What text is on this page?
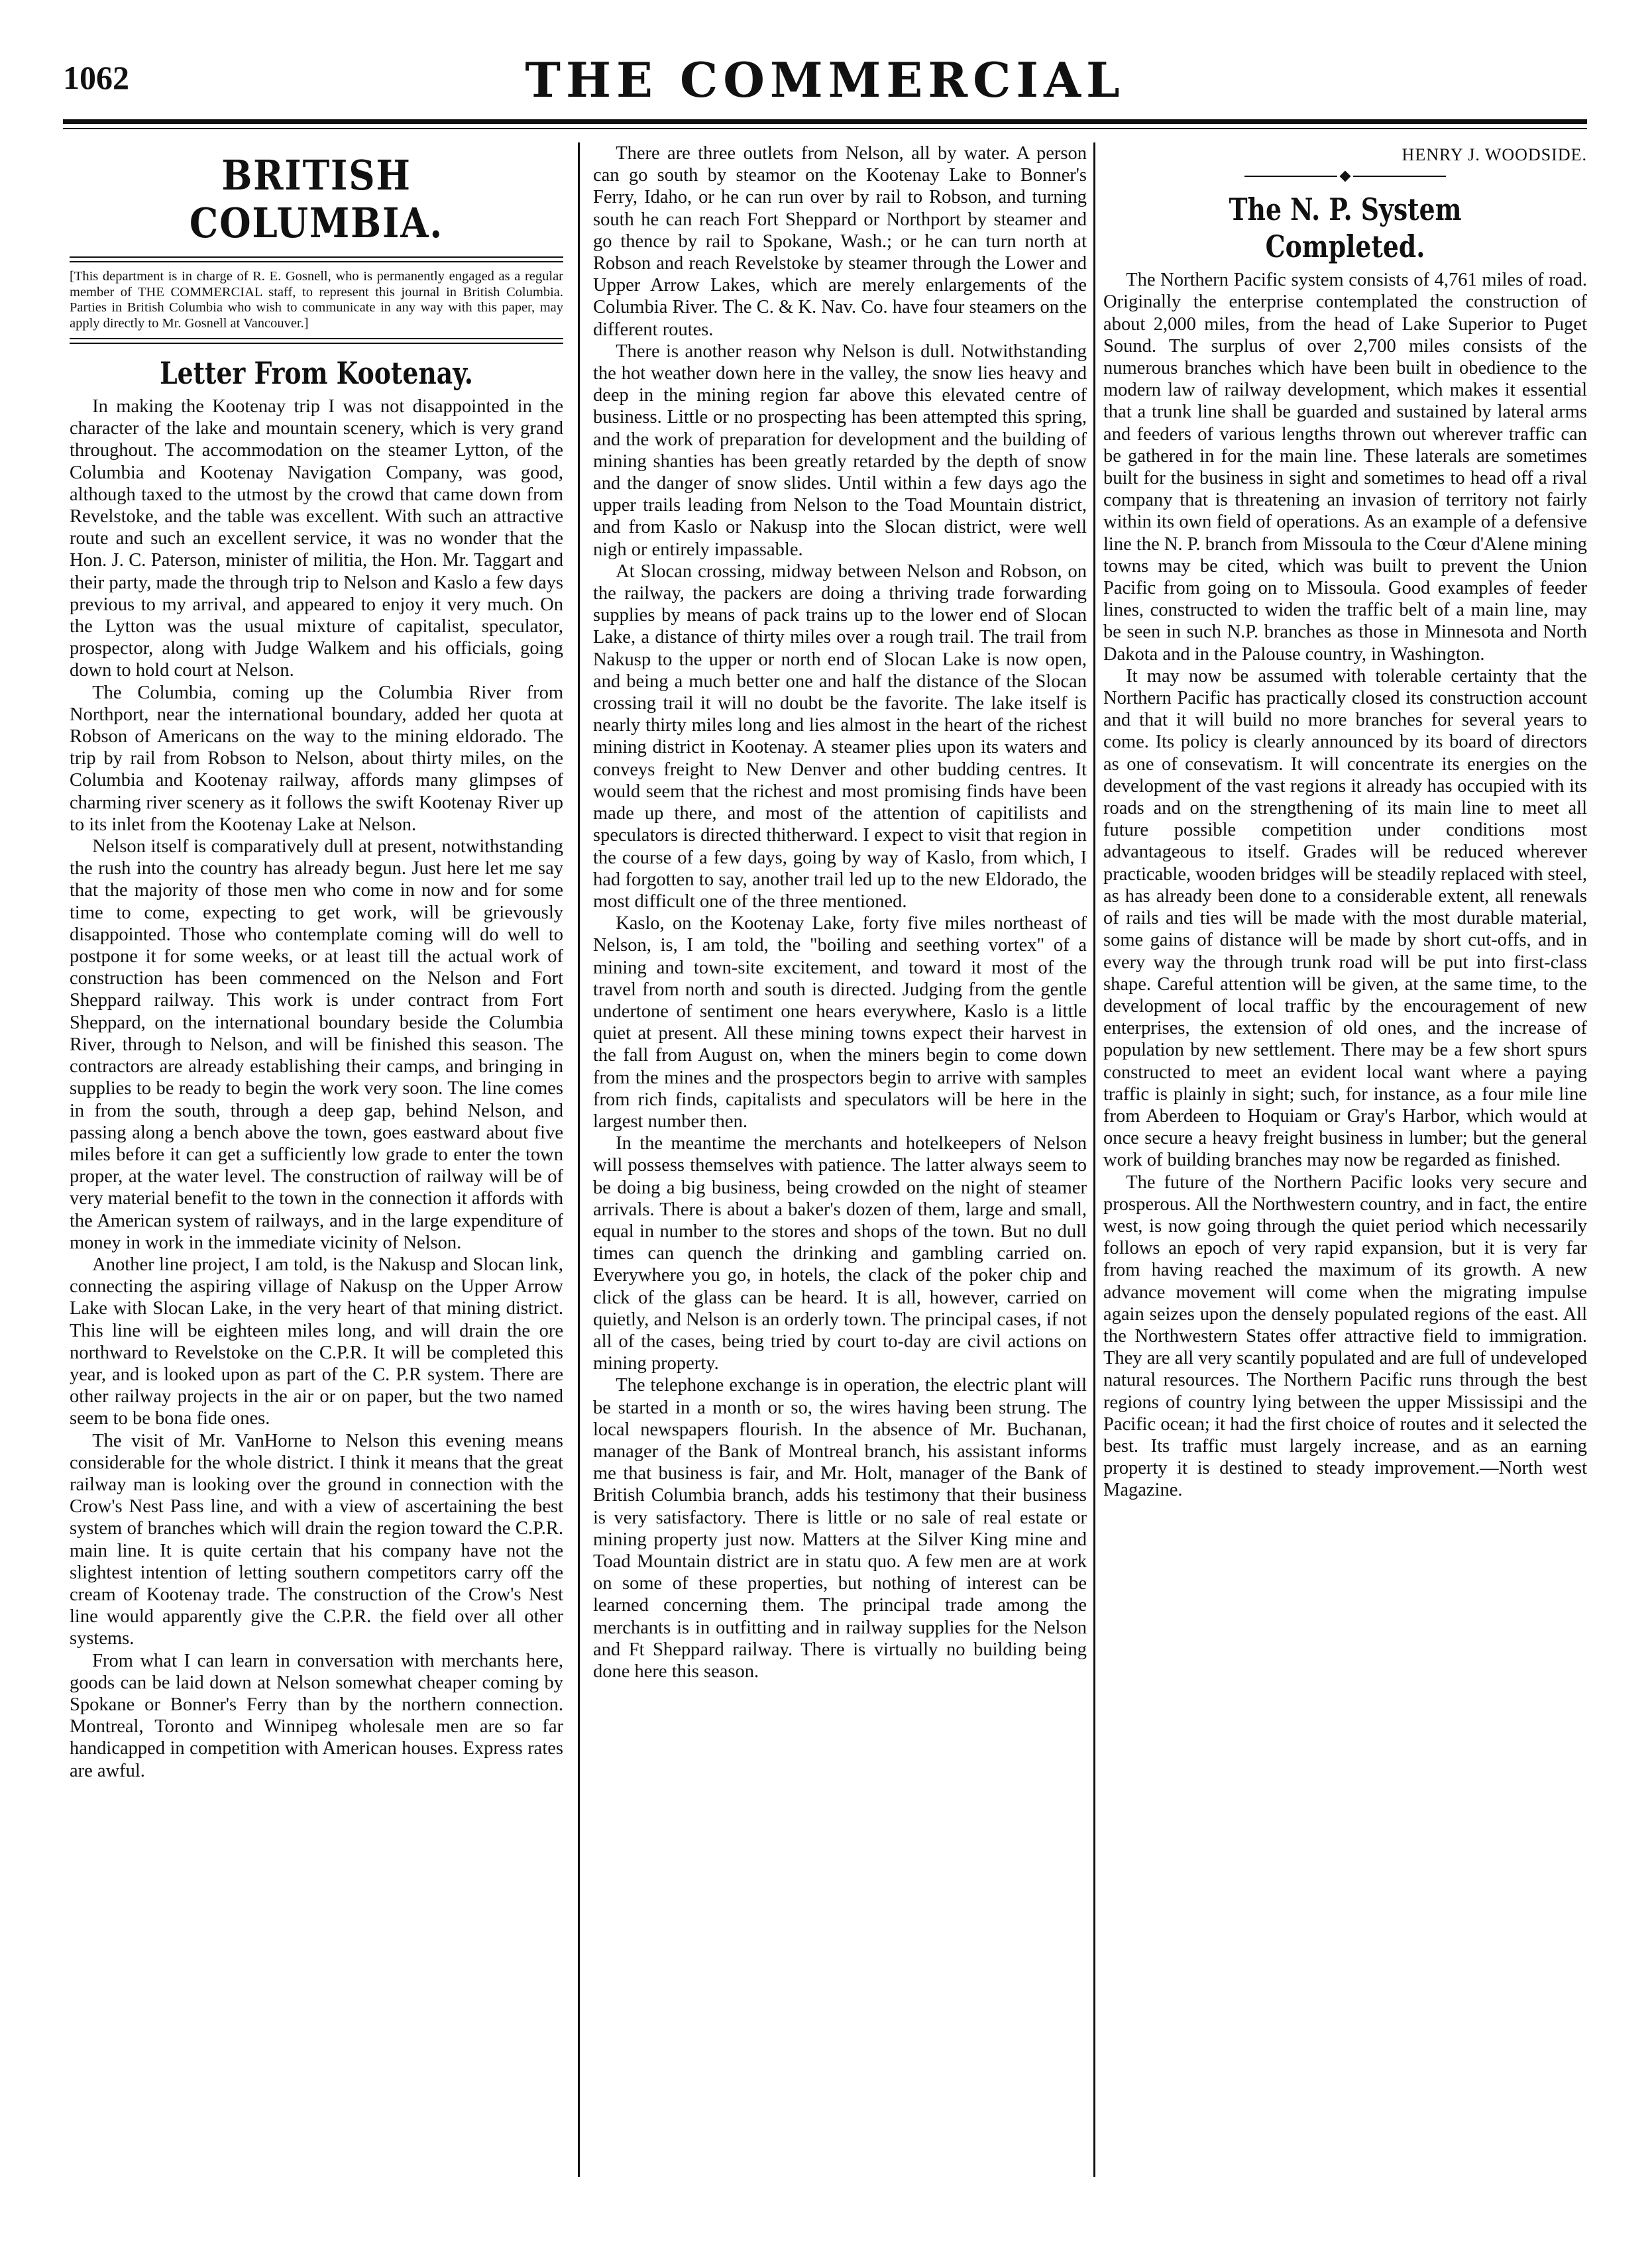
1062	THE COMMERCIAL
BRITISH COLUMBIA.

[This department is in charge of R. E. Gosnell, who is permanently engaged as a regular member of THE COMMERCIAL staff, to represent this journal in British Columbia. Parties in British Columbia who wish to communicate in any way with this paper, may apply directly to Mr. Gosnell at Vancouver.]

Letter From Kootenay.

In making the Kootenay trip I was not disappointed in the character of the lake and mountain scenery, which is very grand throughout. The accommodation on the steamer Lytton, of the Columbia and Kootenay Navigation Company, was good, although taxed to the utmost by the crowd that came down from Revelstoke, and the table was excellent. With such an attractive route and such an excellent service, it was no wonder that the Hon. J. C. Paterson, minister of militia, the Hon. Mr. Taggart and their party, made the through trip to Nelson and Kaslo a few days previous to my arrival, and appeared to enjoy it very much. On the Lytton was the usual mixture of capitalist, speculator, prospector, along with Judge Walkem and his officials, going down to hold court at Nelson.

The Columbia, coming up the Columbia River from Northport, near the international boundary, added her quota at Robson of Americans on the way to the mining eldorado. The trip by rail from Robson to Nelson, about thirty miles, on the Columbia and Kootenay railway, affords many glimpses of charming river scenery as it follows the swift Kootenay River up to its inlet from the Kootenay Lake at Nelson.

Nelson itself is comparatively dull at present, notwithstanding the rush into the country has already begun. Just here let me say that the majority of those men who come in now and for some time to come, expecting to get work, will be grievously disappointed. Those who contemplate coming will do well to postpone it for some weeks, or at least till the actual work of construction has been commenced on the Nelson and Fort Sheppard railway. This work is under contract from Fort Sheppard, on the international boundary beside the Columbia River, through to Nelson, and will be finished this season. The contractors are already establishing their camps, and bringing in supplies to be ready to begin the work very soon. The line comes in from the south, through a deep gap, behind Nelson, and passing along a bench above the town, goes eastward about five miles before it can get a sufficiently low grade to enter the town proper, at the water level. The construction of railway will be of very material benefit to the town in the connection it affords with the American system of railways, and in the large expenditure of money in work in the immediate vicinity of Nelson.

Another line project, I am told, is the Nakusp and Slocan link, connecting the aspiring village of Nakusp on the Upper Arrow Lake with Slocan Lake, in the very heart of that mining district. This line will be eighteen miles long, and will drain the ore northward to Revelstoke on the C.P.R. It will be completed this year, and is looked upon as part of the C. P.R system. There are other railway projects in the air or on paper, but the two named seem to be bona fide ones.

The visit of Mr. VanHorne to Nelson this evening means considerable for the whole district. I think it means that the great railway man is looking over the ground in connection with the Crow's Nest Pass line, and with a view of ascertaining the best system of branches which will drain the region toward the C.P.R. main line. It is quite certain that his company have not the slightest intention of letting southern competitors carry off the cream of Kootenay trade. The construction of the Crow's Nest line would apparently give the C.P.R. the field over all other systems.

From what I can learn in conversation with merchants here, goods can be laid down at Nelson somewhat cheaper coming by Spokane or Bonner's Ferry than by the northern connection. Montreal, Toronto and Winnipeg wholesale men are so far handicapped in competition with American houses. Express rates are awful.

There are three outlets from Nelson, all by water. A person can go south by steamor on the Kootenay Lake to Bonner's Ferry, Idaho, or he can run over by rail to Robson, and turning south he can reach Fort Sheppard or Northport by steamer and go thence by rail to Spokane, Wash.; or he can turn north at Robson and reach Revelstoke by steamer through the Lower and Upper Arrow Lakes, which are merely enlargements of the Columbia River. The C. & K. Nav. Co. have four steamers on the different routes.

There is another reason why Nelson is dull. Notwithstanding the hot weather down here in the valley, the snow lies heavy and deep in the mining region far above this elevated centre of business. Little or no prospecting has been attempted this spring, and the work of preparation for development and the building of mining shanties has been greatly retarded by the depth of snow and the danger of snow slides. Until within a few days ago the upper trails leading from Nelson to the Toad Mountain district, and from Kaslo or Nakusp into the Slocan district, were well nigh or entirely impassable.

At Slocan crossing, midway between Nelson and Robson, on the railway, the packers are doing a thriving trade forwarding supplies by means of pack trains up to the lower end of Slocan Lake, a distance of thirty miles over a rough trail. The trail from Nakusp to the upper or north end of Slocan Lake is now open, and being a much better one and half the distance of the Slocan crossing trail it will no doubt be the favorite. The lake itself is nearly thirty miles long and lies almost in the heart of the richest mining district in Kootenay. A steamer plies upon its waters and conveys freight to New Denver and other budding centres. It would seem that the richest and most promising finds have been made up there, and most of the attention of capitilists and speculators is directed thitherward. I expect to visit that region in the course of a few days, going by way of Kaslo, from which, I had forgotten to say, another trail led up to the new Eldorado, the most difficult one of the three mentioned.

Kaslo, on the Kootenay Lake, forty five miles northeast of Nelson, is, I am told, the "boiling and seething vortex" of a mining and town-site excitement, and toward it most of the travel from north and south is directed. Judging from the gentle undertone of sentiment one hears everywhere, Kaslo is a little quiet at present. All these mining towns expect their harvest in the fall from August on, when the miners begin to come down from the mines and the prospectors begin to arrive with samples from rich finds, capitalists and speculators will be here in the largest number then.

In the meantime the merchants and hotelkeepers of Nelson will possess themselves with patience. The latter always seem to be doing a big business, being crowded on the night of steamer arrivals. There is about a baker's dozen of them, large and small, equal in number to the stores and shops of the town. But no dull times can quench the drinking and gambling carried on. Everywhere you go, in hotels, the clack of the poker chip and click of the glass can be heard. It is all, however, carried on quietly, and Nelson is an orderly town. The principal cases, if not all of the cases, being tried by court to-day are civil actions on mining property.

The telephone exchange is in operation, the electric plant will be started in a month or so, the wires having been strung. The local newspapers flourish. In the absence of Mr. Buchanan, manager of the Bank of Montreal branch, his assistant informs me that business is fair, and Mr. Holt, manager of the Bank of British Columbia branch, adds his testimony that their business is very satisfactory. There is little or no sale of real estate or mining property just now. Matters at the Silver King mine and Toad Mountain district are in statu quo. A few men are at work on some of these properties, but nothing of interest can be learned concerning them. The principal trade among the merchants is in outfitting and in railway supplies for the Nelson and Ft Sheppard railway. There is virtually no building being done here this season.

HENRY J. WOODSIDE.
The N. P. System Completed.

The Northern Pacific system consists of 4,761 miles of road. Originally the enterprise contemplated the construction of about 2,000 miles, from the head of Lake Superior to Puget Sound. The surplus of over 2,700 miles consists of the numerous branches which have been built in obedience to the modern law of railway development, which makes it essential that a trunk line shall be guarded and sustained by lateral arms and feeders of various lengths thrown out wherever traffic can be gathered in for the main line. These laterals are sometimes built for the business in sight and sometimes to head off a rival company that is threatening an invasion of territory not fairly within its own field of operations. As an example of a defensive line the N. P. branch from Missoula to the Cœur d'Alene mining towns may be cited, which was built to prevent the Union Pacific from going on to Missoula. Good examples of feeder lines, constructed to widen the traffic belt of a main line, may be seen in such N.P. branches as those in Minnesota and North Dakota and in the Palouse country, in Washington.

It may now be assumed with tolerable certainty that the Northern Pacific has practically closed its construction account and that it will build no more branches for several years to come. Its policy is clearly announced by its board of directors as one of consevatism. It will concentrate its energies on the development of the vast regions it already has occupied with its roads and on the strengthening of its main line to meet all future possible competition under conditions most advantageous to itself. Grades will be reduced wherever practicable, wooden bridges will be steadily replaced with steel, as has already been done to a considerable extent, all renewals of rails and ties will be made with the most durable material, some gains of distance will be made by short cut-offs, and in every way the through trunk road will be put into first-class shape. Careful attention will be given, at the same time, to the development of local traffic by the encouragement of new enterprises, the extension of old ones, and the increase of population by new settlement. There may be a few short spurs constructed to meet an evident local want where a paying traffic is plainly in sight; such, for instance, as a four mile line from Aberdeen to Hoquiam or Gray's Harbor, which would at once secure a heavy freight business in lumber; but the general work of building branches may now be regarded as finished.

The future of the Northern Pacific looks very secure and prosperous. All the Northwestern country, and in fact, the entire west, is now going through the quiet period which necessarily follows an epoch of very rapid expansion, but it is very far from having reached the maximum of its growth. A new advance movement will come when the migrating impulse again seizes upon the densely populated regions of the east. All the Northwestern States offer attractive field to immigration. They are all very scantily populated and are full of undeveloped natural resources. The Northern Pacific runs through the best regions of country lying between the upper Mississipi and the Pacific ocean; it had the first choice of routes and it selected the best. Its traffic must largely increase, and as an earning property it is destined to steady improvement.—North west Magazine.
